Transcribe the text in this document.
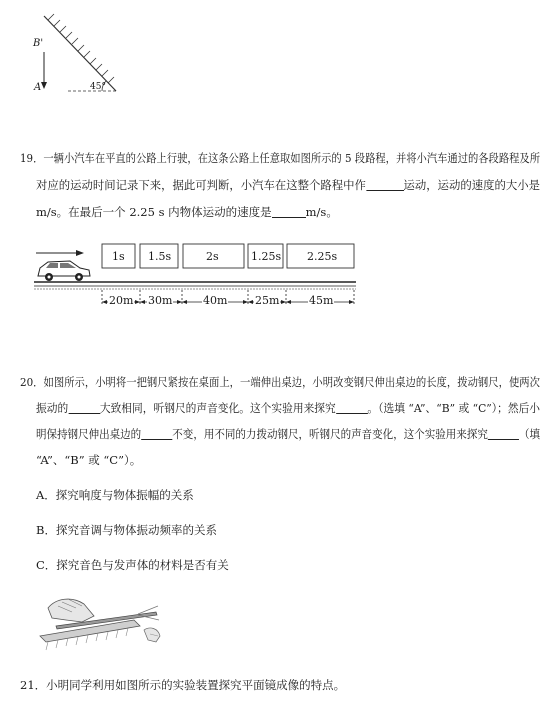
B'
A	45°
19．一辆小汽车在平直的公路上行驶，在这条公路上任意取如图所示的 5 段路程，并将小汽车通过的各段路程及所
对应的运动时间记录下来，据此可判断，小汽车在这整个路程中作	运动，运动的速度的大小是
m/s。在最后一个 2.25 s 内物体运动的速度是	m/s。
1s 1.5s	2s	1.25s 2.25s
20m 30m	40m	25m	45m
20．如图所示，小明将一把钢尺紧按在桌面上，一端伸出桌边，小明改变钢尺伸出桌边的长度，拨动钢尺，使两次
振动的	大致相同，听钢尺的声音变化。这个实验用来探究	。（选填 “A”、“B” 或 “C”）；然后小
明保持钢尺伸出桌边的	不变，用不同的力拨动钢尺，听钢尺的声音变化，这个实验用来探究	（填
“A”、“B” 或 “C”）。
A．探究响度与物体振幅的关系
B．探究音调与物体振动频率的关系
C．探究音色与发声体的材料是否有关
21．小明同学利用如图所示的实验装置探究平面镜成像的特点。
